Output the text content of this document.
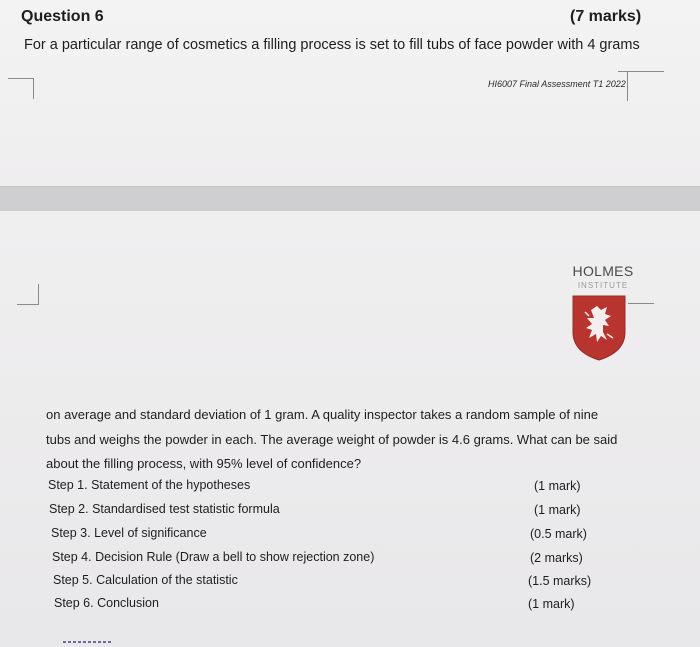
Question 6	(7 marks)
For a particular range of cosmetics a filling process is set to fill tubs of face powder with 4 grams
HI6007 Final Assessment T1 2022
HOLMES
INSTITUTE

on average and standard deviation of 1 gram. A quality inspector takes a random sample of nine

tubs and weighs the powder in each. The average weight of powder is 4.6 grams. What can be said

about the filling process, with 95% level of confidence?

Step 1. Statement of the hypotheses	(1 mark)
Step 2. Standardised test statistic formula	(1 mark)
Step 3. Level of significance	(0.5 mark)
Step 4. Decision Rule (Draw a bell to show rejection zone)	(2 marks)
Step 5. Calculation of the statistic	(1.5 marks)
Step 6. Conclusion	(1 mark)
